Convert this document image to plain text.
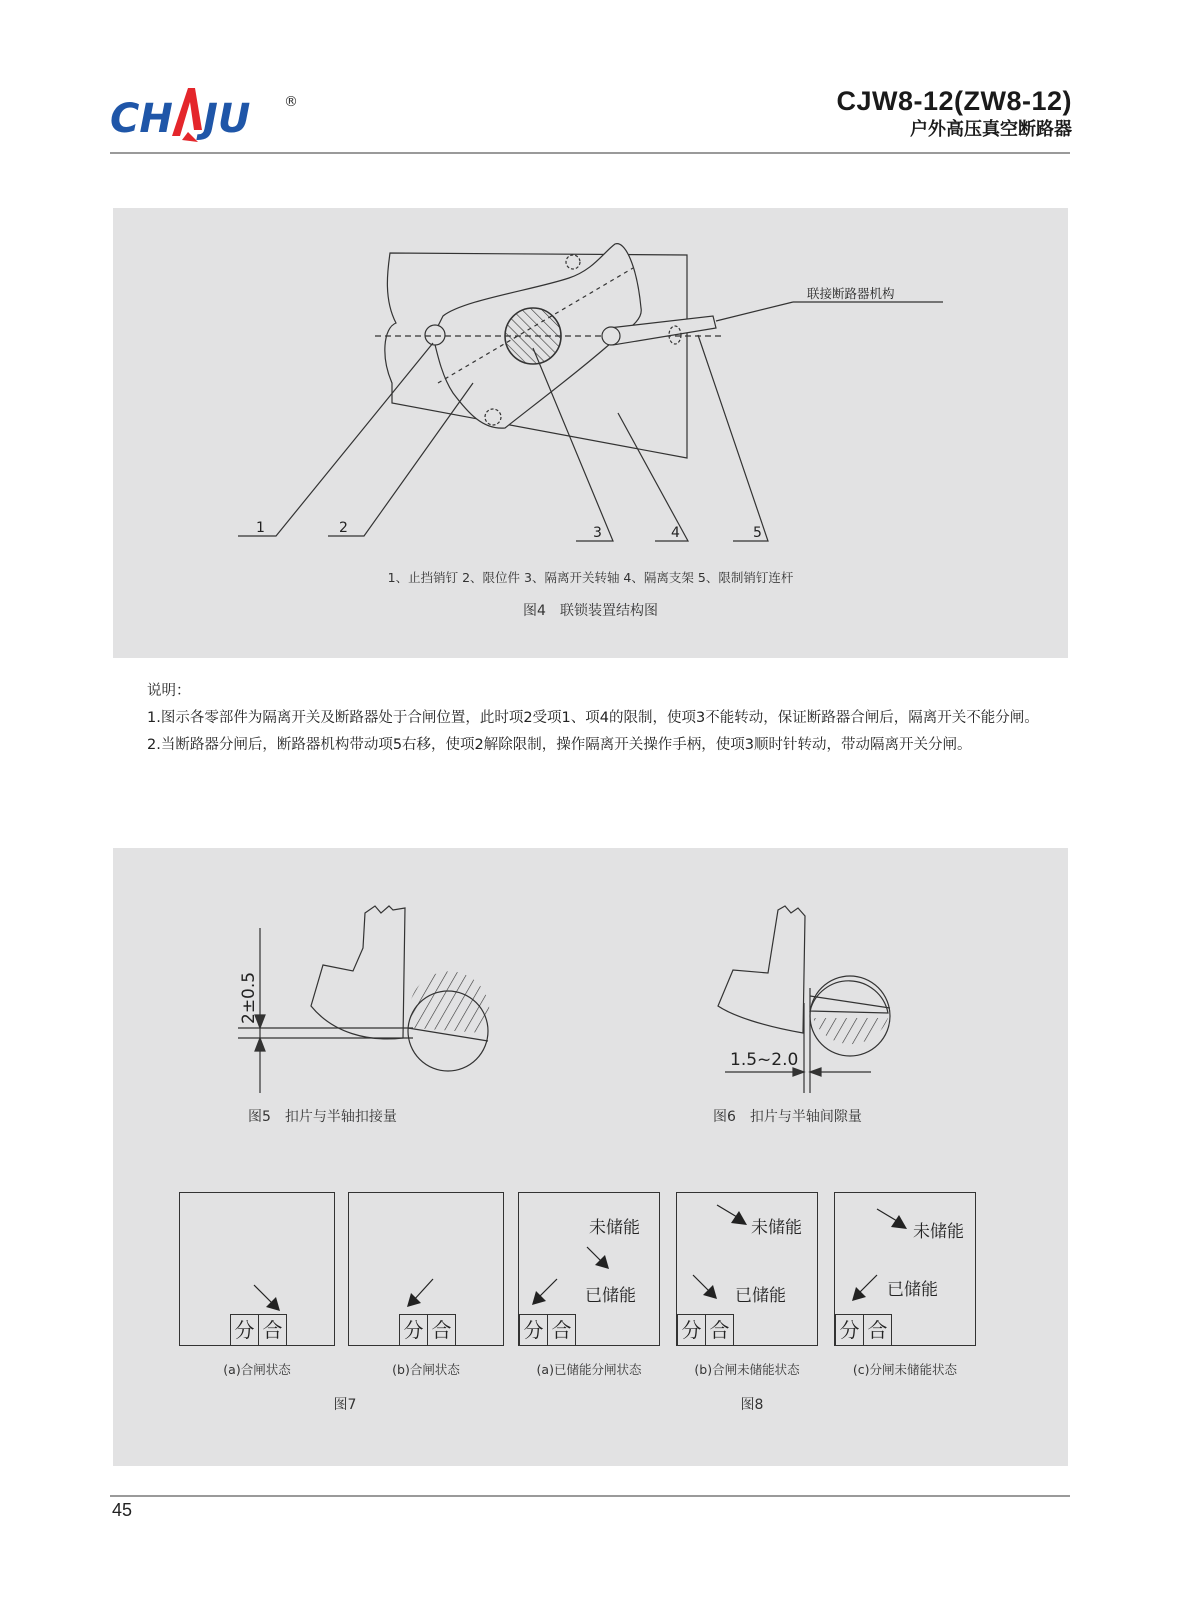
CH JU ®	CJW8-12(ZW8-12)
户外高压真空断路器
联接断路器机构
1	2	3	4	5
1、止挡销钉 2、限位件 3、隔离开关转轴 4、隔离支架 5、限制销钉连杆
图4　联锁装置结构图

说明：

1.图示各零部件为隔离开关及断路器处于合闸位置，此时项2受项1、项4的限制，使项3不能转动，保证断路器合闸后，隔离开关不能分闸。

2.当断路器分闸后，断路器机构带动项5右移，使项2解除限制，操作隔离开关操作手柄，使项3顺时针转动，带动隔离开关分闸。

2±0.5
1.5~2.0
图5　扣片与半轴扣接量	图6　扣片与半轴间隙量
分 合	分 合
未储能
已储能
分 合
未储能
已储能
分 合
未储能
已储能
分 合
(a)合闸状态	(b)合闸状态	(a)已储能分闸状态	(b)合闸未储能状态	(c)分闸未储能状态
图7	图8
45
